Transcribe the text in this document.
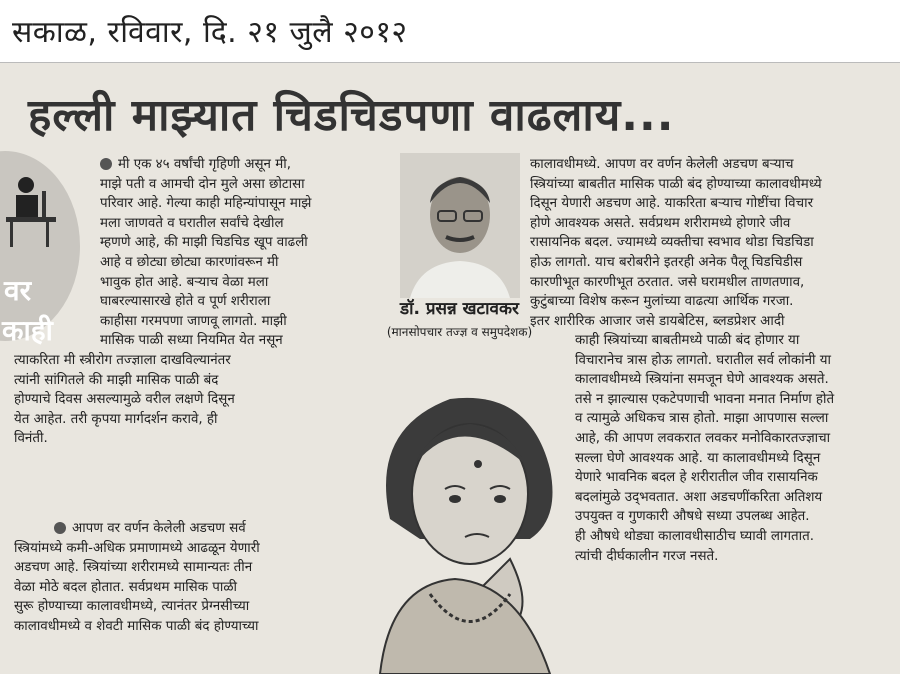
सकाळ, रविवार, दि. २१ जुलै २०१२
हल्ली माझ्यात चिडचिडपणा वाढलाय...
वर
काही

मी एक ४५ वर्षांची गृहिणी असून मी,

माझे पती व आमची दोन मुले असा छोटासा

परिवार आहे. गेल्या काही महिन्यांपासून माझे

मला जाणवते व घरातील सर्वांचे देखील

म्हणणे आहे, की माझी चिडचिड खूप वाढली

आहे व छोट्या छोट्या कारणांवरून मी

भावुक होत आहे. बऱ्याच वेळा मला

घाबरल्यासारखे होते व पूर्ण शरीराला

काहीसा गरमपणा जाणवू लागतो. माझी

मासिक पाळी सध्या नियमित येत नसून

त्याकरिता मी स्त्रीरोग तज्ज्ञाला दाखविल्यानंतर

त्यांनी सांगितले की माझी मासिक पाळी बंद

होण्याचे दिवस असल्यामुळे वरील लक्षणे दिसून

येत आहेत. तरी कृपया मार्गदर्शन करावे, ही

विनंती.

आपण वर वर्णन केलेली अडचण सर्व

स्त्रियांमध्ये कमी-अधिक प्रमाणामध्ये आढळून येणारी

अडचण आहे. स्त्रियांच्या शरीरामध्ये सामान्यतः तीन

वेळा मोठे बदल होतात. सर्वप्रथम मासिक पाळी

सुरू होण्याच्या कालावधीमध्ये, त्यानंतर प्रेग्नसीच्या

कालावधीमध्ये व शेवटी मासिक पाळी बंद होण्याच्या

डॉ. प्रसन्न खटावकर
(मानसोपचार तज्ज्ञ व समुपदेशक)

कालावधीमध्ये. आपण वर वर्णन केलेली अडचण बऱ्याच

स्त्रियांच्या बाबतीत मासिक पाळी बंद होण्याच्या कालावधीमध्ये

दिसून येणारी अडचण आहे. याकरिता बऱ्याच गोष्टींचा विचार

होणे आवश्यक असते. सर्वप्रथम शरीरामध्ये होणारे जीव

रासायनिक बदल. ज्यामध्ये व्यक्तीचा स्वभाव थोडा चिडचिडा

होऊ लागतो. याच बरोबरीने इतरही अनेक पैलू चिडचिडीस

कारणीभूत कारणीभूत ठरतात. जसे घरामधील ताणतणाव,

कुटुंबाच्या विशेष करून मुलांच्या वाढत्या आर्थिक गरजा.

इतर शारीरिक आजार जसे डायबेटिस, ब्लडप्रेशर आदी

काही स्त्रियांच्या बाबतीमध्ये पाळी बंद होणार या

विचारानेच त्रास होऊ लागतो. घरातील सर्व लोकांनी या

कालावधीमध्ये स्त्रियांना समजून घेणे आवश्यक असते.

तसे न झाल्यास एकटेपणाची भावना मनात निर्माण होते

व त्यामुळे अधिकच त्रास होतो. माझा आपणास सल्ला

आहे, की आपण लवकरात लवकर मनोविकारतज्ज्ञाचा

सल्ला घेणे आवश्यक आहे. या कालावधीमध्ये दिसून

येणारे भावनिक बदल हे शरीरातील जीव रासायनिक

बदलांमुळे उद्‌भवतात. अशा अडचणींकरिता अतिशय

उपयुक्त व गुणकारी औषधे सध्या उपलब्ध आहेत.

ही औषधे थोड्या कालावधीसाठीच घ्यावी लागतात.

त्यांची दीर्घकालीन गरज नसते.
